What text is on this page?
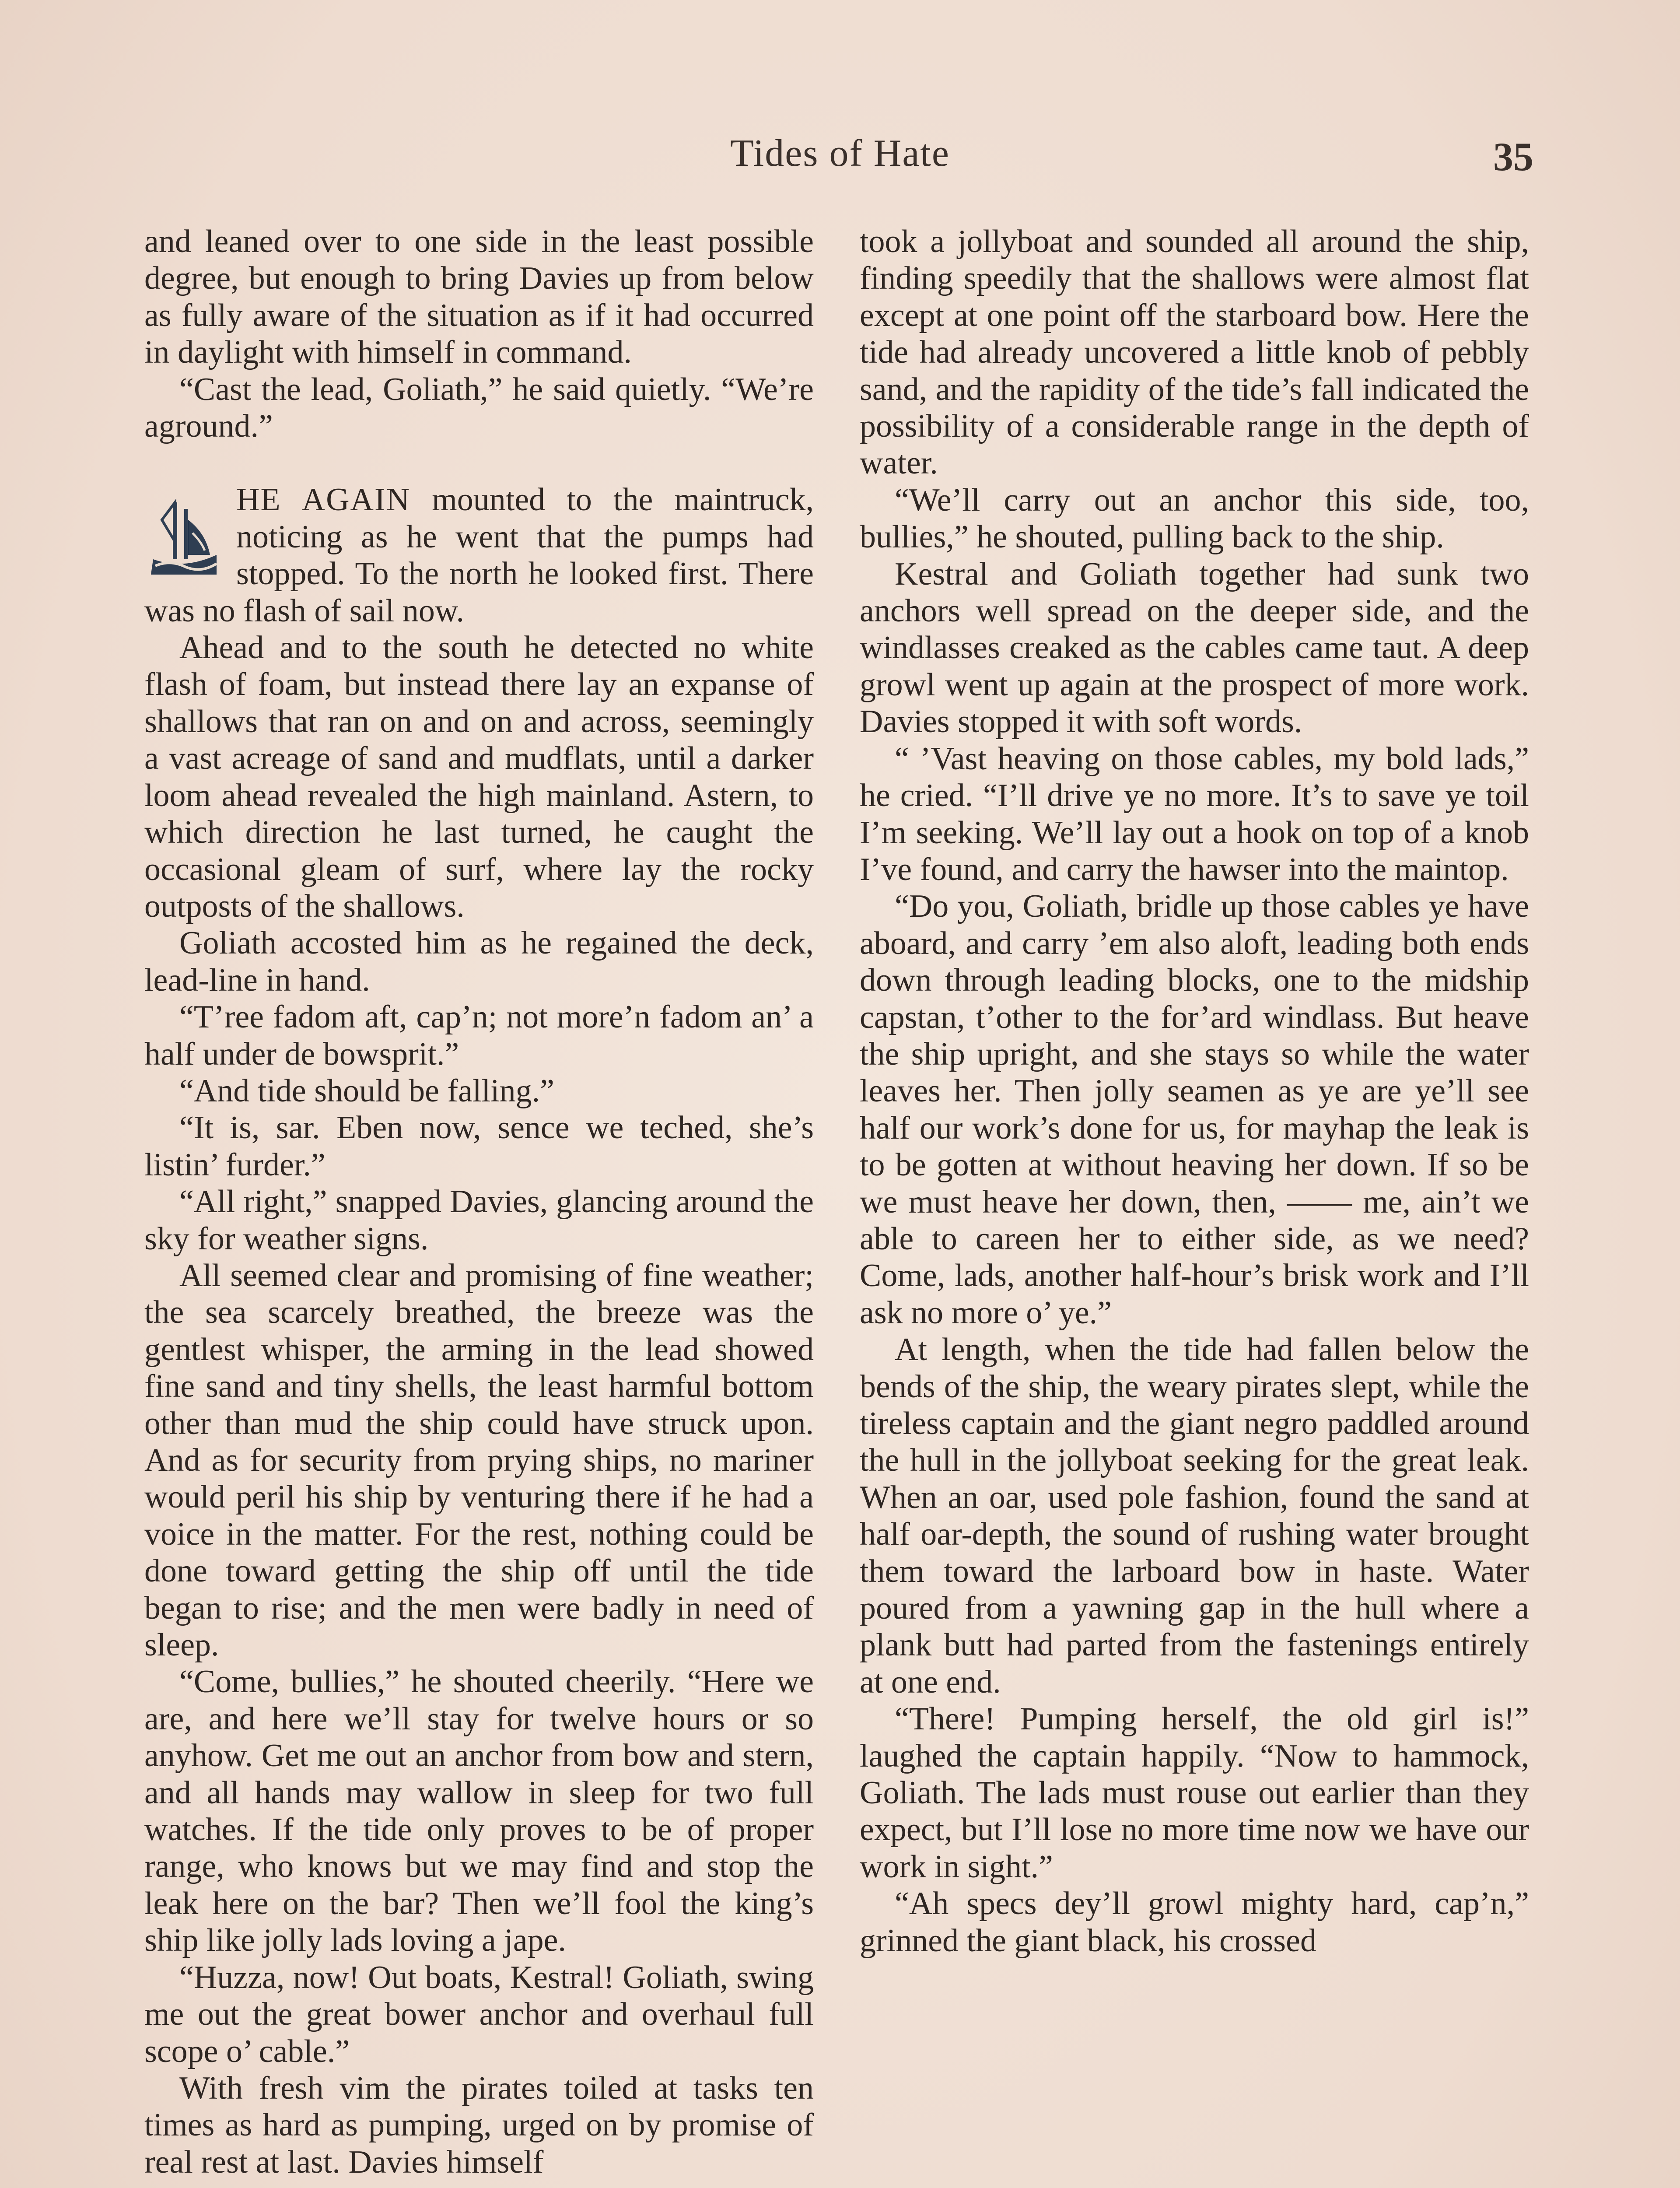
Tides of Hate	35

and leaned over to one side in the least possible degree, but enough to bring Davies up from below as fully aware of the situation as if it had occurred in daylight with himself in command.

“Cast the lead, Goliath,” he said quietly. “We’re aground.”

HE AGAIN mounted to the maintruck, noticing as he went that the pumps had stopped. To the north he looked first. There was no flash of sail now.

Ahead and to the south he detected no white flash of foam, but instead there lay an expanse of shallows that ran on and on and across, seemingly a vast acreage of sand and mudflats, until a darker loom ahead revealed the high mainland. Astern, to which direction he last turned, he caught the occasional gleam of surf, where lay the rocky outposts of the shallows.

Goliath accosted him as he regained the deck, lead-line in hand.

“T’ree fadom aft, cap’n; not more’n fadom an’ a half under de bowsprit.”

“And tide should be falling.”

“It is, sar. Eben now, sence we teched, she’s listin’ furder.”

“All right,” snapped Davies, glancing around the sky for weather signs.

All seemed clear and promising of fine weather; the sea scarcely breathed, the breeze was the gentlest whisper, the arming in the lead showed fine sand and tiny shells, the least harmful bottom other than mud the ship could have struck upon. And as for security from prying ships, no mariner would peril his ship by venturing there if he had a voice in the matter. For the rest, nothing could be done toward getting the ship off until the tide began to rise; and the men were badly in need of sleep.

“Come, bullies,” he shouted cheerily. “Here we are, and here we’ll stay for twelve hours or so anyhow. Get me out an anchor from bow and stern, and all hands may wallow in sleep for two full watches. If the tide only proves to be of proper range, who knows but we may find and stop the leak here on the bar? Then we’ll fool the king’s ship like jolly lads loving a jape.

“Huzza, now! Out boats, Kestral! Goliath, swing me out the great bower anchor and overhaul full scope o’ cable.”

With fresh vim the pirates toiled at tasks ten times as hard as pumping, urged on by promise of real rest at last. Davies himself

took a jollyboat and sounded all around the ship, finding speedily that the shallows were almost flat except at one point off the starboard bow. Here the tide had already uncovered a little knob of pebbly sand, and the rapidity of the tide’s fall indicated the possibility of a considerable range in the depth of water.

“We’ll carry out an anchor this side, too, bullies,” he shouted, pulling back to the ship.

Kestral and Goliath together had sunk two anchors well spread on the deeper side, and the windlasses creaked as the cables came taut. A deep growl went up again at the prospect of more work. Davies stopped it with soft words.

“ ’Vast heaving on those cables, my bold lads,” he cried. “I’ll drive ye no more. It’s to save ye toil I’m seeking. We’ll lay out a hook on top of a knob I’ve found, and carry the hawser into the maintop.

“Do you, Goliath, bridle up those cables ye have aboard, and carry ’em also aloft, leading both ends down through leading blocks, one to the midship capstan, t’other to the for’ard windlass. But heave the ship upright, and she stays so while the water leaves her. Then jolly seamen as ye are ye’ll see half our work’s done for us, for mayhap the leak is to be gotten at without heaving her down. If so be we must heave her down, then, —— me, ain’t we able to careen her to either side, as we need? Come, lads, another half-hour’s brisk work and I’ll ask no more o’ ye.”

At length, when the tide had fallen below the bends of the ship, the weary pirates slept, while the tireless captain and the giant negro paddled around the hull in the jollyboat seeking for the great leak. When an oar, used pole fashion, found the sand at half oar-depth, the sound of rushing water brought them toward the larboard bow in haste. Water poured from a yawning gap in the hull where a plank butt had parted from the fastenings entirely at one end.

“There! Pumping herself, the old girl is!” laughed the captain happily. “Now to hammock, Goliath. The lads must rouse out earlier than they expect, but I’ll lose no more time now we have our work in sight.”

“Ah specs dey’ll growl mighty hard, cap’n,” grinned the giant black, his crossed
